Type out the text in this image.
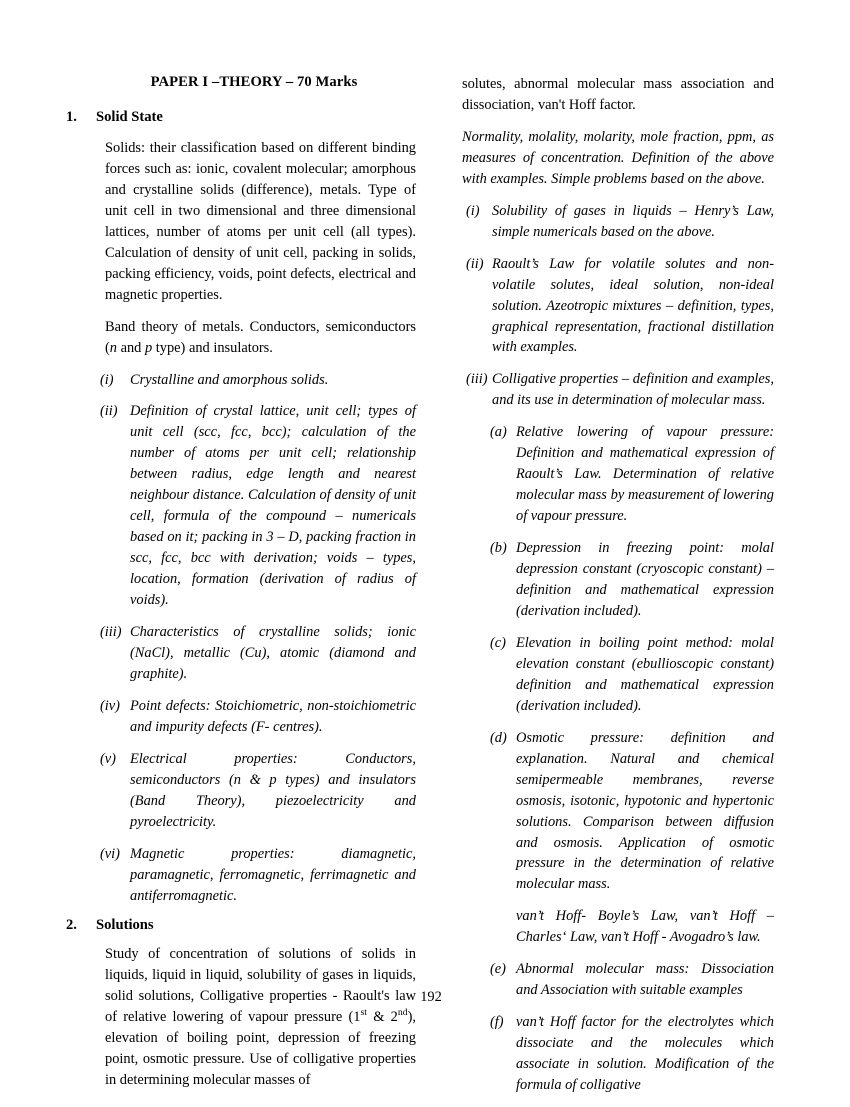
PAPER I –THEORY – 70 Marks
1.	Solid State

Solids: their classification based on different binding forces such as: ionic, covalent molecular; amorphous and crystalline solids (difference), metals. Type of unit cell in two dimensional and three dimensional lattices, number of atoms per unit cell (all types). Calculation of density of unit cell, packing in solids, packing efficiency, voids, point defects, electrical and magnetic properties.

Band theory of metals. Conductors, semiconductors (n and p type) and insulators.

(i)	Crystalline and amorphous solids.
(ii) Definition of crystal lattice, unit cell; types of unit cell (scc, fcc, bcc); calculation of the number of atoms per unit cell; relationship between radius, edge length and nearest neighbour distance. Calculation of density of unit cell, formula of the compound – numericals based on it; packing in 3 – D, packing fraction in scc, fcc, bcc with derivation; voids – types, location, formation (derivation of radius of voids).
(iii) Characteristics of crystalline solids; ionic (NaCl), metallic (Cu), atomic (diamond and graphite).
(iv) Point defects: Stoichiometric, non-stoichiometric and impurity defects (F- centres).
(v) Electrical properties: Conductors, semiconductors (n & p types) and insulators (Band Theory), piezoelectricity and pyroelectricity.
(vi) Magnetic properties: diamagnetic, paramagnetic, ferromagnetic, ferrimagnetic and antiferromagnetic.
2.	Solutions

Study of concentration of solutions of solids in liquids, liquid in liquid, solubility of gases in liquids, solid solutions, Colligative properties - Raoult's law of relative lowering of vapour pressure (1st & 2nd), elevation of boiling point, depression of freezing point, osmotic pressure. Use of colligative properties in determining molecular masses of

solutes, abnormal molecular mass association and dissociation, van't Hoff factor.

Normality, molality, molarity, mole fraction, ppm, as measures of concentration. Definition of the above with examples. Simple problems based on the above.

(i) Solubility of gases in liquids – Henry’s Law, simple numericals based on the above.
(ii) Raoult’s Law for volatile solutes and non-volatile solutes, ideal solution, non-ideal solution. Azeotropic mixtures – definition, types, graphical representation, fractional distillation with examples.
(iii) Colligative properties – definition and examples, and its use in determination of molecular mass.
(a) Relative lowering of vapour pressure: Definition and mathematical expression of Raoult’s Law. Determination of relative molecular mass by measurement of lowering of vapour pressure.
(b) Depression in freezing point: molal depression constant (cryoscopic constant) – definition and mathematical expression (derivation included).
(c) Elevation in boiling point method: molal elevation constant (ebullioscopic constant) definition and mathematical expression (derivation included).
(d) Osmotic pressure: definition and explanation. Natural and chemical semipermeable membranes, reverse osmosis, isotonic, hypotonic and hypertonic solutions. Comparison between diffusion and osmosis. Application of osmotic pressure in the determination of relative molecular mass.

van’t Hoff- Boyle’s Law, van’t Hoff – Charles‘ Law, van’t Hoff - Avogadro’s law.

(e) Abnormal molecular mass: Dissociation and Association with suitable examples
(f) van’t Hoff factor for the electrolytes which dissociate and the molecules which associate in solution. Modification of the formula of colligative
192
